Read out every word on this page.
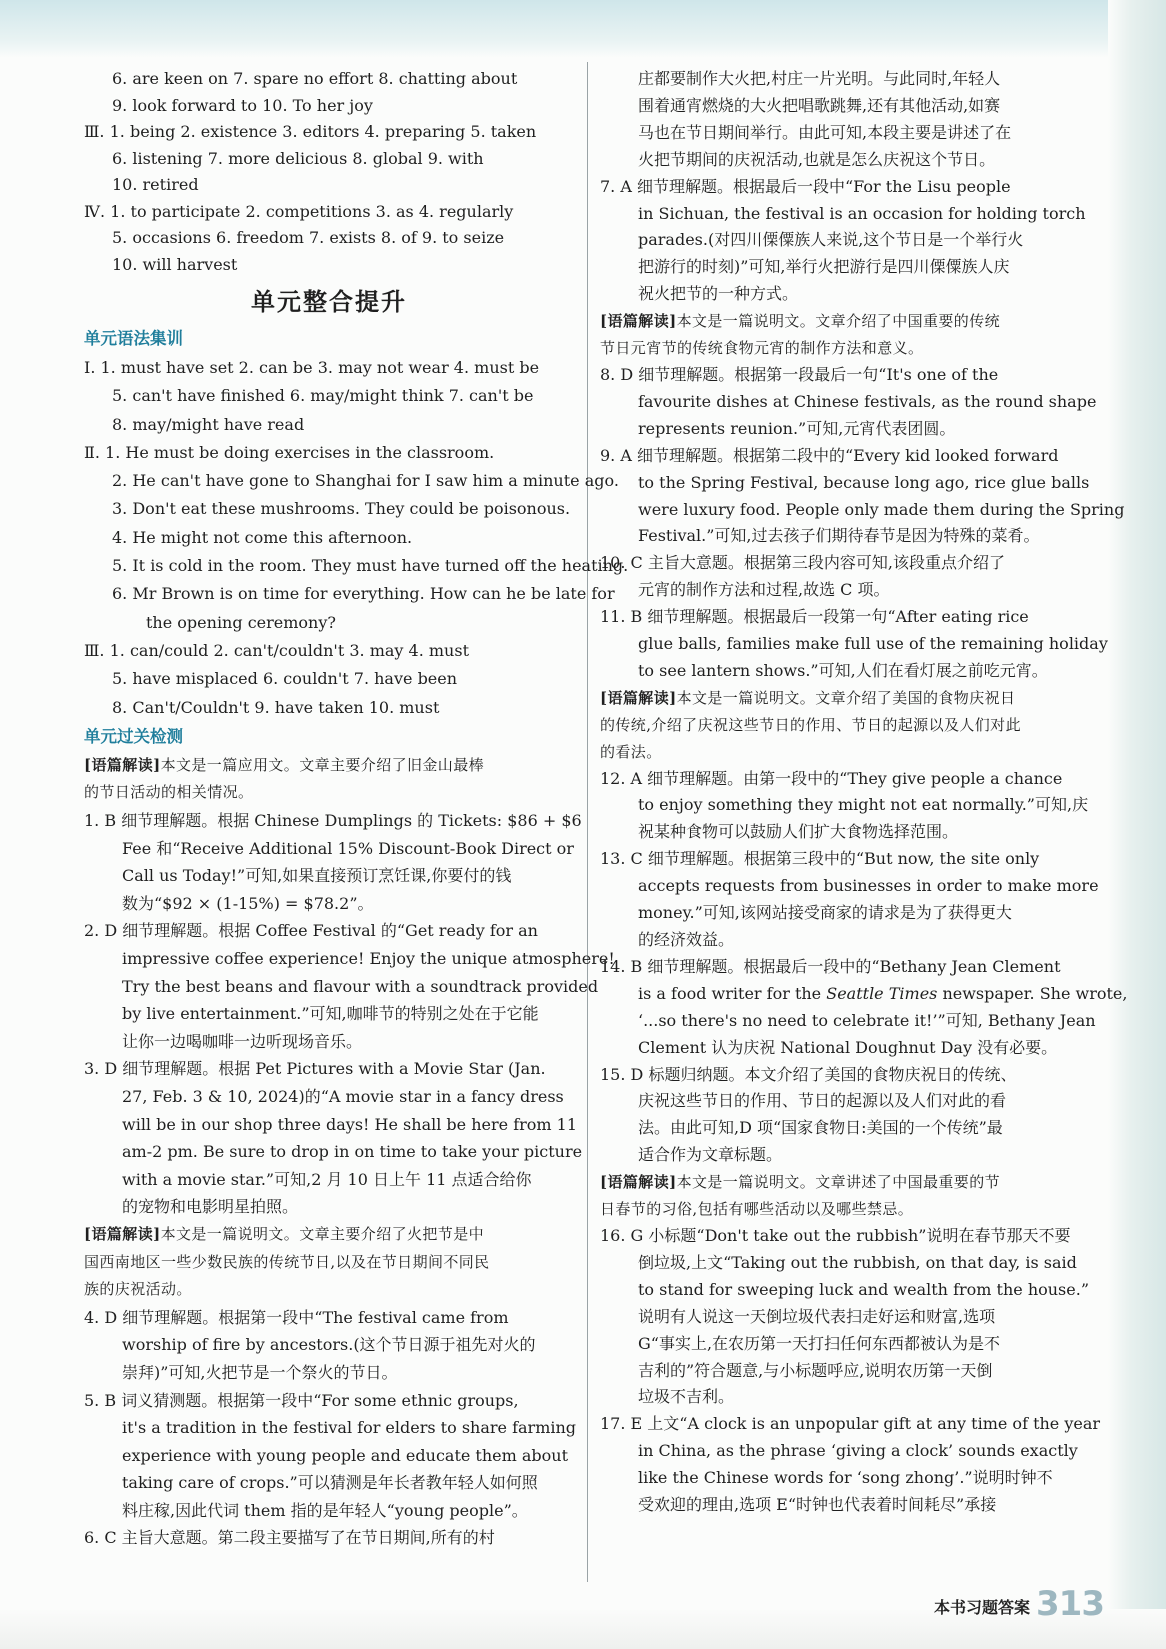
6. are keen on 7. spare no effort 8. chatting about
9. look forward to 10. To her joy
Ⅲ. 1. being 2. existence 3. editors 4. preparing 5. taken
6. listening 7. more delicious 8. global 9. with
10. retired
Ⅳ. 1. to participate 2. competitions 3. as 4. regularly
5. occasions 6. freedom 7. exists 8. of 9. to seize
10. will harvest
单元整合提升
单元语法集训
Ⅰ. 1. must have set 2. can be 3. may not wear 4. must be
5. can't have finished 6. may/might think 7. can't be
8. may/might have read
Ⅱ. 1. He must be doing exercises in the classroom.
2. He can't have gone to Shanghai for I saw him a minute ago.
3. Don't eat these mushrooms. They could be poisonous.
4. He might not come this afternoon.
5. It is cold in the room. They must have turned off the heating.
6. Mr Brown is on time for everything. How can he be late for
the opening ceremony?
Ⅲ. 1. can/could 2. can't/couldn't 3. may 4. must
5. have misplaced 6. couldn't 7. have been
8. Can't/Couldn't 9. have taken 10. must
单元过关检测
[语篇解读]本文是一篇应用文。文章主要介绍了旧金山最棒
的节日活动的相关情况。
1. B 细节理解题。根据 Chinese Dumplings 的 Tickets: $86 + $6
Fee 和“Receive Additional 15% Discount-Book Direct or
Call us Today!”可知,如果直接预订烹饪课,你要付的钱
数为“$92 × (1-15%) = $78.2”。
2. D 细节理解题。根据 Coffee Festival 的“Get ready for an
impressive coffee experience! Enjoy the unique atmosphere!
Try the best beans and flavour with a soundtrack provided
by live entertainment.”可知,咖啡节的特别之处在于它能
让你一边喝咖啡一边听现场音乐。
3. D 细节理解题。根据 Pet Pictures with a Movie Star (Jan.
27, Feb. 3 & 10, 2024)的“A movie star in a fancy dress
will be in our shop three days! He shall be here from 11
am-2 pm. Be sure to drop in on time to take your picture
with a movie star.”可知,2 月 10 日上午 11 点适合给你
的宠物和电影明星拍照。
[语篇解读]本文是一篇说明文。文章主要介绍了火把节是中
国西南地区一些少数民族的传统节日,以及在节日期间不同民
族的庆祝活动。
4. D 细节理解题。根据第一段中“The festival came from
worship of fire by ancestors.(这个节日源于祖先对火的
崇拜)”可知,火把节是一个祭火的节日。
5. B 词义猜测题。根据第一段中“For some ethnic groups,
it's a tradition in the festival for elders to share farming
experience with young people and educate them about
taking care of crops.”可以猜测是年长者教年轻人如何照
料庄稼,因此代词 them 指的是年轻人“young people”。
6. C 主旨大意题。第二段主要描写了在节日期间,所有的村
庄都要制作大火把,村庄一片光明。与此同时,年轻人
围着通宵燃烧的大火把唱歌跳舞,还有其他活动,如赛
马也在节日期间举行。由此可知,本段主要是讲述了在
火把节期间的庆祝活动,也就是怎么庆祝这个节日。
7. A 细节理解题。根据最后一段中“For the Lisu people
in Sichuan, the festival is an occasion for holding torch
parades.(对四川傈僳族人来说,这个节日是一个举行火
把游行的时刻)”可知,举行火把游行是四川傈僳族人庆
祝火把节的一种方式。
[语篇解读]本文是一篇说明文。文章介绍了中国重要的传统
节日元宵节的传统食物元宵的制作方法和意义。
8. D 细节理解题。根据第一段最后一句“It's one of the
favourite dishes at Chinese festivals, as the round shape
represents reunion.”可知,元宵代表团圆。
9. A 细节理解题。根据第二段中的“Every kid looked forward
to the Spring Festival, because long ago, rice glue balls
were luxury food. People only made them during the Spring
Festival.”可知,过去孩子们期待春节是因为特殊的菜肴。
10. C 主旨大意题。根据第三段内容可知,该段重点介绍了
元宵的制作方法和过程,故选 C 项。
11. B 细节理解题。根据最后一段第一句“After eating rice
glue balls, families make full use of the remaining holiday
to see lantern shows.”可知,人们在看灯展之前吃元宵。
[语篇解读]本文是一篇说明文。文章介绍了美国的食物庆祝日
的传统,介绍了庆祝这些节日的作用、节日的起源以及人们对此
的看法。
12. A 细节理解题。由第一段中的“They give people a chance
to enjoy something they might not eat normally.”可知,庆
祝某种食物可以鼓励人们扩大食物选择范围。
13. C 细节理解题。根据第三段中的“But now, the site only
accepts requests from businesses in order to make more
money.”可知,该网站接受商家的请求是为了获得更大
的经济效益。
14. B 细节理解题。根据最后一段中的“Bethany Jean Clement
is a food writer for the Seattle Times newspaper. She wrote,
‘...so there's no need to celebrate it!’”可知, Bethany Jean
Clement 认为庆祝 National Doughnut Day 没有必要。
15. D 标题归纳题。本文介绍了美国的食物庆祝日的传统、
庆祝这些节日的作用、节日的起源以及人们对此的看
法。由此可知,D 项“国家食物日:美国的一个传统”最
适合作为文章标题。
[语篇解读]本文是一篇说明文。文章讲述了中国最重要的节
日春节的习俗,包括有哪些活动以及哪些禁忌。
16. G 小标题“Don't take out the rubbish”说明在春节那天不要
倒垃圾,上文“Taking out the rubbish, on that day, is said
to stand for sweeping luck and wealth from the house.”
说明有人说这一天倒垃圾代表扫走好运和财富,选项
G“事实上,在农历第一天打扫任何东西都被认为是不
吉利的”符合题意,与小标题呼应,说明农历第一天倒
垃圾不吉利。
17. E 上文“A clock is an unpopular gift at any time of the year
in China, as the phrase ‘giving a clock’ sounds exactly
like the Chinese words for ‘song zhong’.”说明时钟不
受欢迎的理由,选项 E“时钟也代表着时间耗尽”承接
本书习题答案 313
